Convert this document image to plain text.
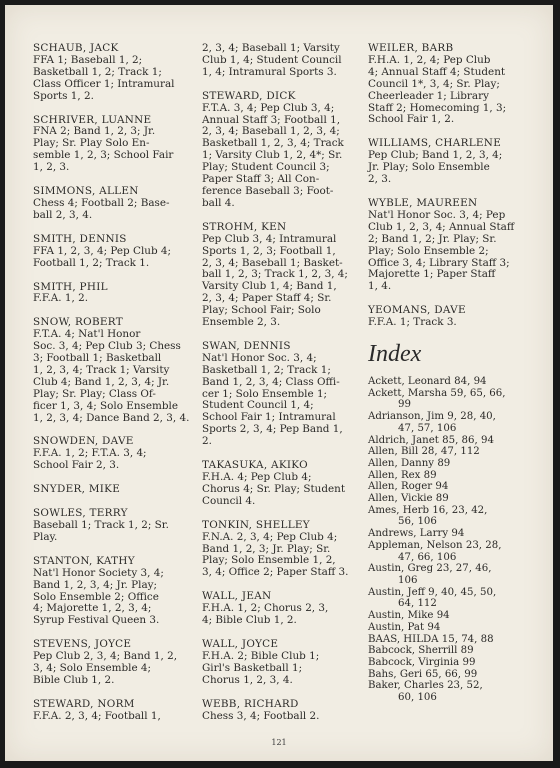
SCHAUB, JACK
FFA 1; Baseball 1, 2;
Basketball 1, 2; Track 1;
Class Officer 1; Intramural
Sports 1, 2.
SCHRIVER, LUANNE
FNA 2; Band 1, 2, 3; Jr.
Play; Sr. Play Solo En-
semble 1, 2, 3; School Fair
1, 2, 3.
SIMMONS, ALLEN
Chess 4; Football 2; Base-
ball 2, 3, 4.
SMITH, DENNIS
FFA 1, 2, 3, 4; Pep Club 4;
Football 1, 2; Track 1.
SMITH, PHIL
F.F.A. 1, 2.
SNOW, ROBERT
F.T.A. 4; Nat'l Honor
Soc. 3, 4; Pep Club 3; Chess
3; Football 1; Basketball
1, 2, 3, 4; Track 1; Varsity
Club 4; Band 1, 2, 3, 4; Jr.
Play; Sr. Play; Class Of-
ficer 1, 3, 4; Solo Ensemble
1, 2, 3, 4; Dance Band 2, 3, 4.
SNOWDEN, DAVE
F.F.A. 1, 2; F.T.A. 3, 4;
School Fair 2, 3.
SNYDER, MIKE
SOWLES, TERRY
Baseball 1; Track 1, 2; Sr.
Play.
STANTON, KATHY
Nat'l Honor Society 3, 4;
Band 1, 2, 3, 4; Jr. Play;
Solo Ensemble 2; Office
4; Majorette 1, 2, 3, 4;
Syrup Festival Queen 3.
STEVENS, JOYCE
Pep Club 2, 3, 4; Band 1, 2,
3, 4; Solo Ensemble 4;
Bible Club 1, 2.
STEWARD, NORM
F.F.A. 2, 3, 4; Football 1,
2, 3, 4; Baseball 1; Varsity
Club 1, 4; Student Council
1, 4; Intramural Sports 3.
STEWARD, DICK
F.T.A. 3, 4; Pep Club 3, 4;
Annual Staff 3; Football 1,
2, 3, 4; Baseball 1, 2, 3, 4;
Basketball 1, 2, 3, 4; Track
1; Varsity Club 1, 2, 4*; Sr.
Play; Student Council 3;
Paper Staff 3; All Con-
ference Baseball 3; Foot-
ball 4.
STROHM, KEN
Pep Club 3, 4; Intramural
Sports 1, 2, 3; Football 1,
2, 3, 4; Baseball 1; Basket-
ball 1, 2, 3; Track 1, 2, 3, 4;
Varsity Club 1, 4; Band 1,
2, 3, 4; Paper Staff 4; Sr.
Play; School Fair; Solo
Ensemble 2, 3.
SWAN, DENNIS
Nat'l Honor Soc. 3, 4;
Basketball 1, 2; Track 1;
Band 1, 2, 3, 4; Class Offi-
cer 1; Solo Ensemble 1;
Student Council 1, 4;
School Fair 1; Intramural
Sports 2, 3, 4; Pep Band 1,
2.
TAKASUKA, AKIKO
F.H.A. 4; Pep Club 4;
Chorus 4; Sr. Play; Student
Council 4.
TONKIN, SHELLEY
F.N.A. 2, 3, 4; Pep Club 4;
Band 1, 2, 3; Jr. Play; Sr.
Play; Solo Ensemble 1, 2,
3, 4; Office 2; Paper Staff 3.
WALL, JEAN
F.H.A. 1, 2; Chorus 2, 3,
4; Bible Club 1, 2.
WALL, JOYCE
F.H.A. 2; Bible Club 1;
Girl's Basketball 1;
Chorus 1, 2, 3, 4.
WEBB, RICHARD
Chess 3, 4; Football 2.
WEILER, BARB
F.H.A. 1, 2, 4; Pep Club
4; Annual Staff 4; Student
Council 1*, 3, 4; Sr. Play;
Cheerleader 1; Library
Staff 2; Homecoming 1, 3;
School Fair 1, 2.
WILLIAMS, CHARLENE
Pep Club; Band 1, 2, 3, 4;
Jr. Play; Solo Ensemble
2, 3.
WYBLE, MAUREEN
Nat'l Honor Soc. 3, 4; Pep
Club 1, 2, 3, 4; Annual Staff
2; Band 1, 2; Jr. Play; Sr.
Play; Solo Ensemble 2;
Office 3, 4; Library Staff 3;
Majorette 1; Paper Staff
1, 4.
YEOMANS, DAVE
F.F.A. 1; Track 3.
Index
Ackett, Leonard 84, 94
Ackett, Marsha 59, 65, 66,
99
Adrianson, Jim 9, 28, 40,
47, 57, 106
Aldrich, Janet 85, 86, 94
Allen, Bill 28, 47, 112
Allen, Danny 89
Allen, Rex 89
Allen, Roger 94
Allen, Vickie 89
Ames, Herb 16, 23, 42,
56, 106
Andrews, Larry 94
Appleman, Nelson 23, 28,
47, 66, 106
Austin, Greg 23, 27, 46,
106
Austin, Jeff 9, 40, 45, 50,
64, 112
Austin, Mike 94
Austin, Pat 94
BAAS, HILDA 15, 74, 88
Babcock, Sherrill 89
Babcock, Virginia 99
Bahs, Geri 65, 66, 99
Baker, Charles 23, 52,
60, 106
121
